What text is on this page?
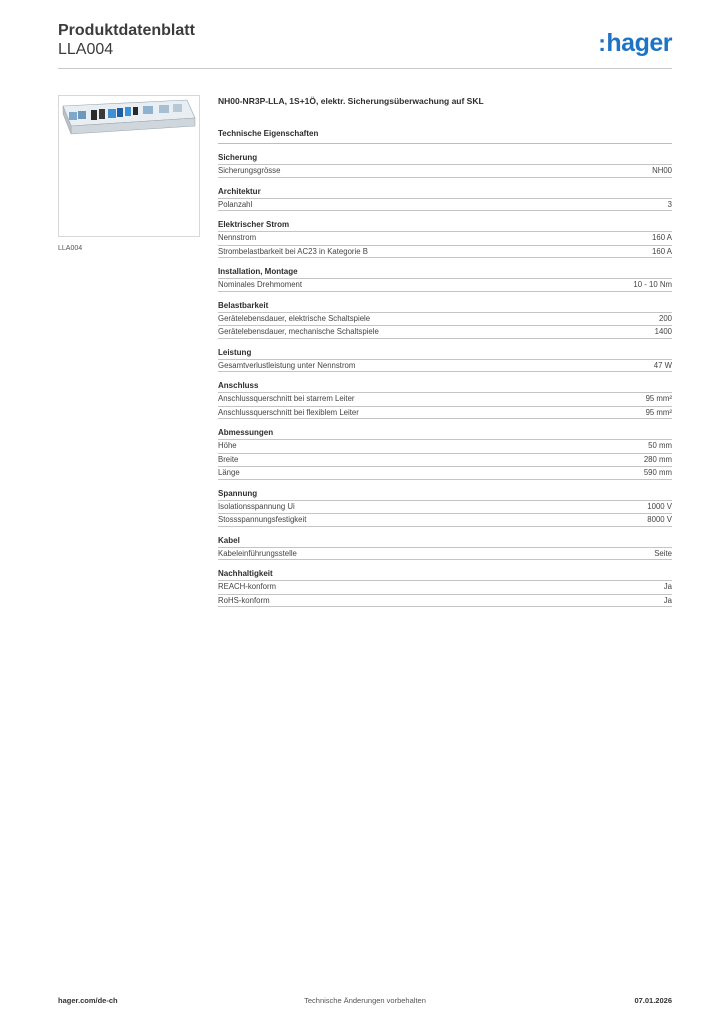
Produktdatenblatt
LLA004	:hager
LLA004
NH00-NR3P-LLA, 1S+1Ö, elektr. Sicherungsüberwachung auf SKL
Technische Eigenschaften
Sicherung
Sicherungsgrösse	NH00
Architektur
Polanzahl	3
Elektrischer Strom
Nennstrom	160 A
Strombelastbarkeit bei AC23 in Kategorie B	160 A
Installation, Montage
Nominales Drehmoment	10 - 10 Nm
Belastbarkeit
Gerätelebensdauer, elektrische Schaltspiele	200
Gerätelebensdauer, mechanische Schaltspiele	1400
Leistung
Gesamtverlustleistung unter Nennstrom	47 W
Anschluss
Anschlussquerschnitt bei starrem Leiter	95 mm²
Anschlussquerschnitt bei flexiblem Leiter	95 mm²
Abmessungen
Höhe	50 mm
Breite	280 mm
Länge	590 mm
Spannung
Isolationsspannung Ui	1000 V
Stossspannungsfestigkeit	8000 V
Kabel
Kabeleinführungsstelle	Seite
Nachhaltigkeit
REACH-konform	Ja
RoHS-konform	Ja
hager.com/de-ch	Technische Änderungen vorbehalten	07.01.2026
